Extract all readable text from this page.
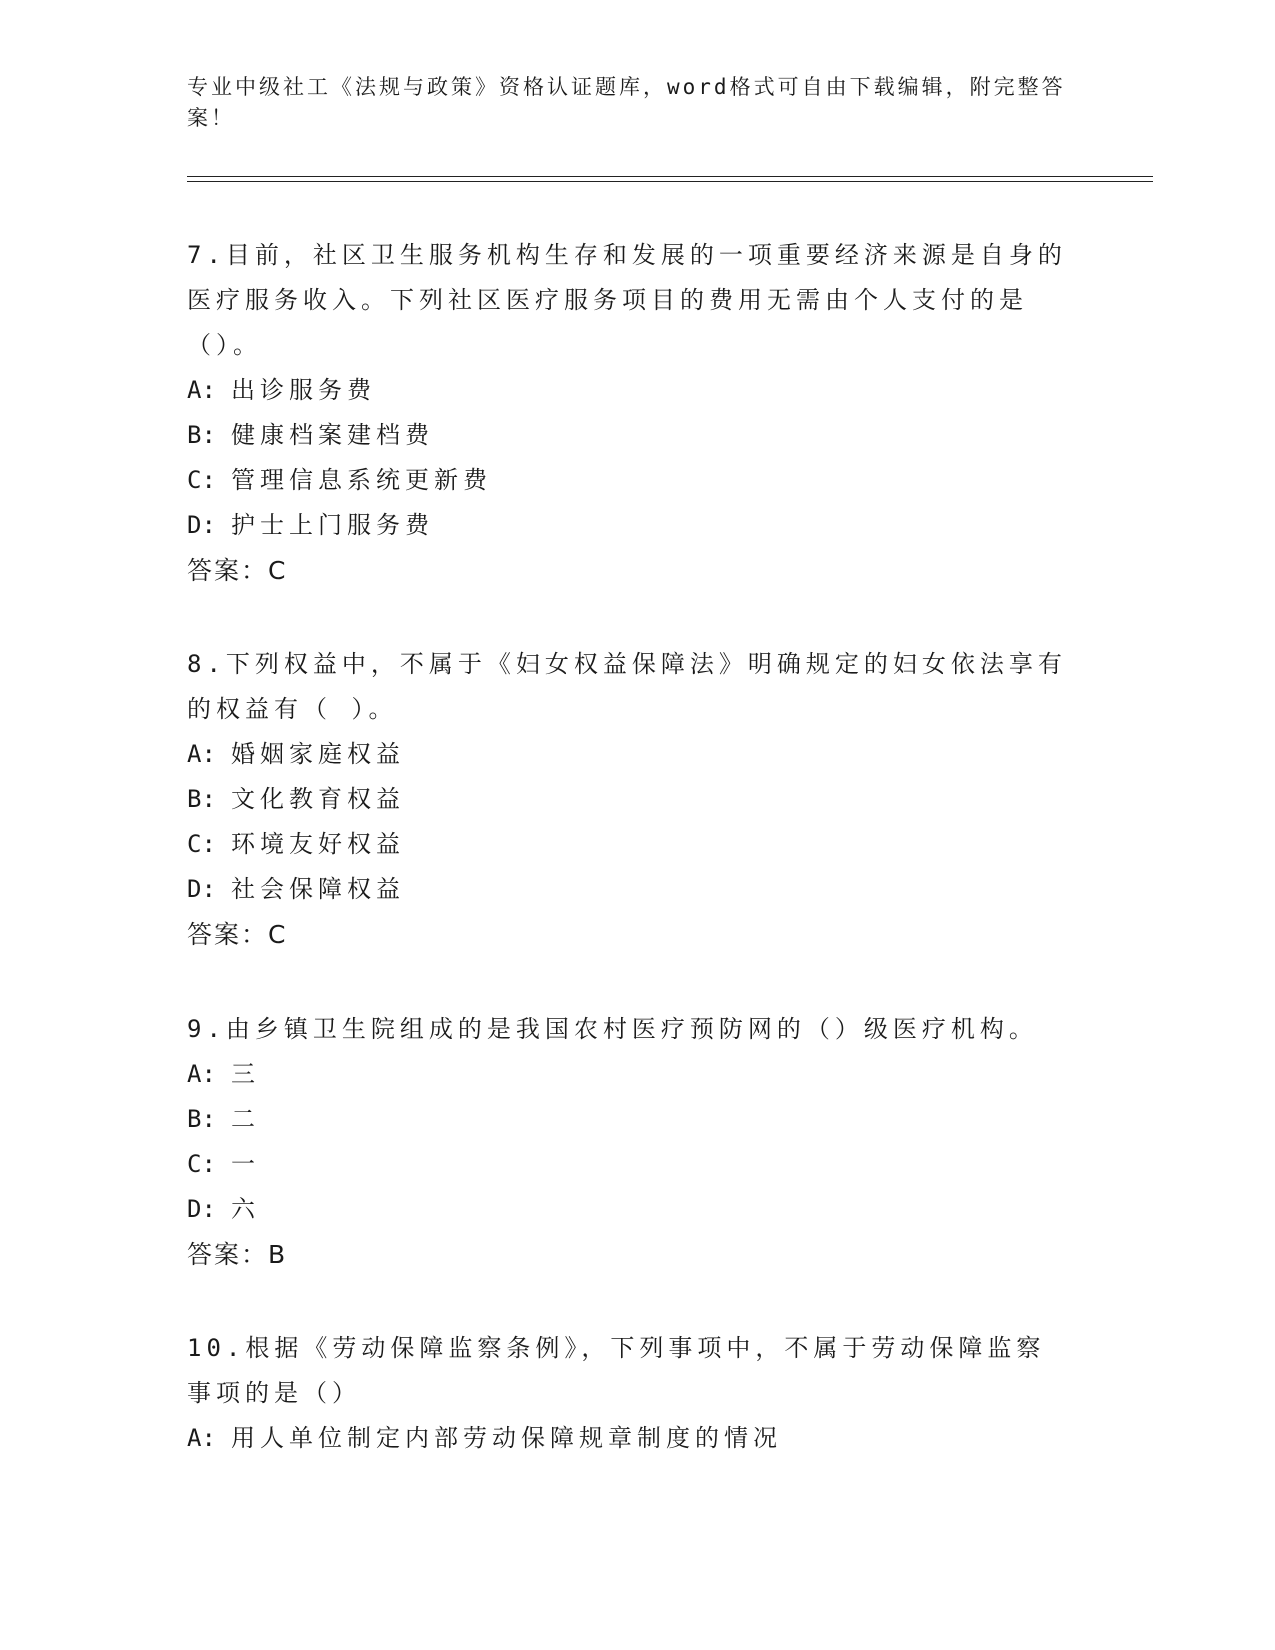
专业中级社工《法规与政策》资格认证题库，word格式可自由下载编辑，附完整答案！

7.目前，社区卫生服务机构生存和发展的一项重要经济来源是自身的医疗服务收入。下列社区医疗服务项目的费用无需由个人支付的是（）。

A: 出诊服务费

B: 健康档案建档费

C: 管理信息系统更新费

D: 护士上门服务费

答案：C

8.下列权益中，不属于《妇女权益保障法》明确规定的妇女依法享有的权益有（ ）。

A: 婚姻家庭权益

B: 文化教育权益

C: 环境友好权益

D: 社会保障权益

答案：C

9.由乡镇卫生院组成的是我国农村医疗预防网的（）级医疗机构。

A: 三

B: 二

C: 一

D: 六

答案：B

10.根据《劳动保障监察条例》，下列事项中，不属于劳动保障监察事项的是（）

A: 用人单位制定内部劳动保障规章制度的情况
